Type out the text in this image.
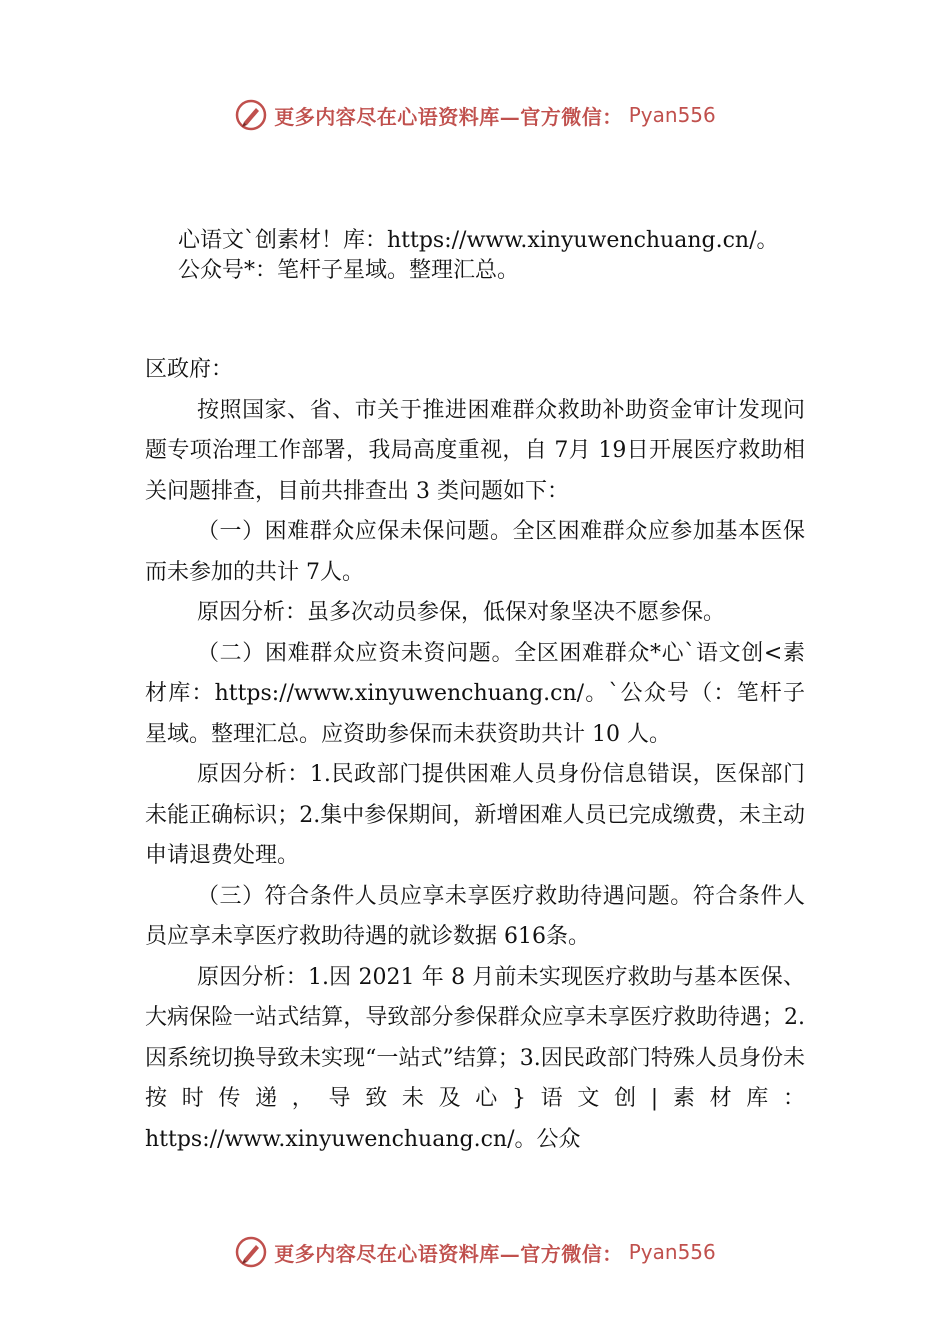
更多内容尽在心语资料库—官方微信： Pyan556

心语文`创素材！库：https://www.xinyuwenchuang.cn/。

公众号*：笔杆子星域。整理汇总。

区政府：

按照国家、省、市关于推进困难群众救助补助资金审计发现问题专项治理工作部署，我局高度重视，自 7月 19日开展医疗救助相关问题排查，目前共排查出 3 类问题如下：

（一）困难群众应保未保问题。全区困难群众应参加基本医保而未参加的共计 7人。

原因分析：虽多次动员参保，低保对象坚决不愿参保。

（二）困难群众应资未资问题。全区困难群众*心`语文创<素材库：https://www.xinyuwenchuang.cn/。`公众号（：笔杆子星域。整理汇总。应资助参保而未获资助共计 10 人。

原因分析：1.民政部门提供困难人员身份信息错误，医保部门未能正确标识；2.集中参保期间，新增困难人员已完成缴费，未主动申请退费处理。

（三）符合条件人员应享未享医疗救助待遇问题。符合条件人员应享未享医疗救助待遇的就诊数据 616条。

原因分析：1.因 2021 年 8 月前未实现医疗救助与基本医保、大病保险一站式结算，导致部分参保群众应享未享医疗救助待遇；2.因系统切换导致未实现“一站式”结算；3.因民政部门特殊人员身份未按时传递，导致未及心}语文创|素材库：https://www.xinyuwenchuang.cn/。公众

更多内容尽在心语资料库—官方微信： Pyan556
